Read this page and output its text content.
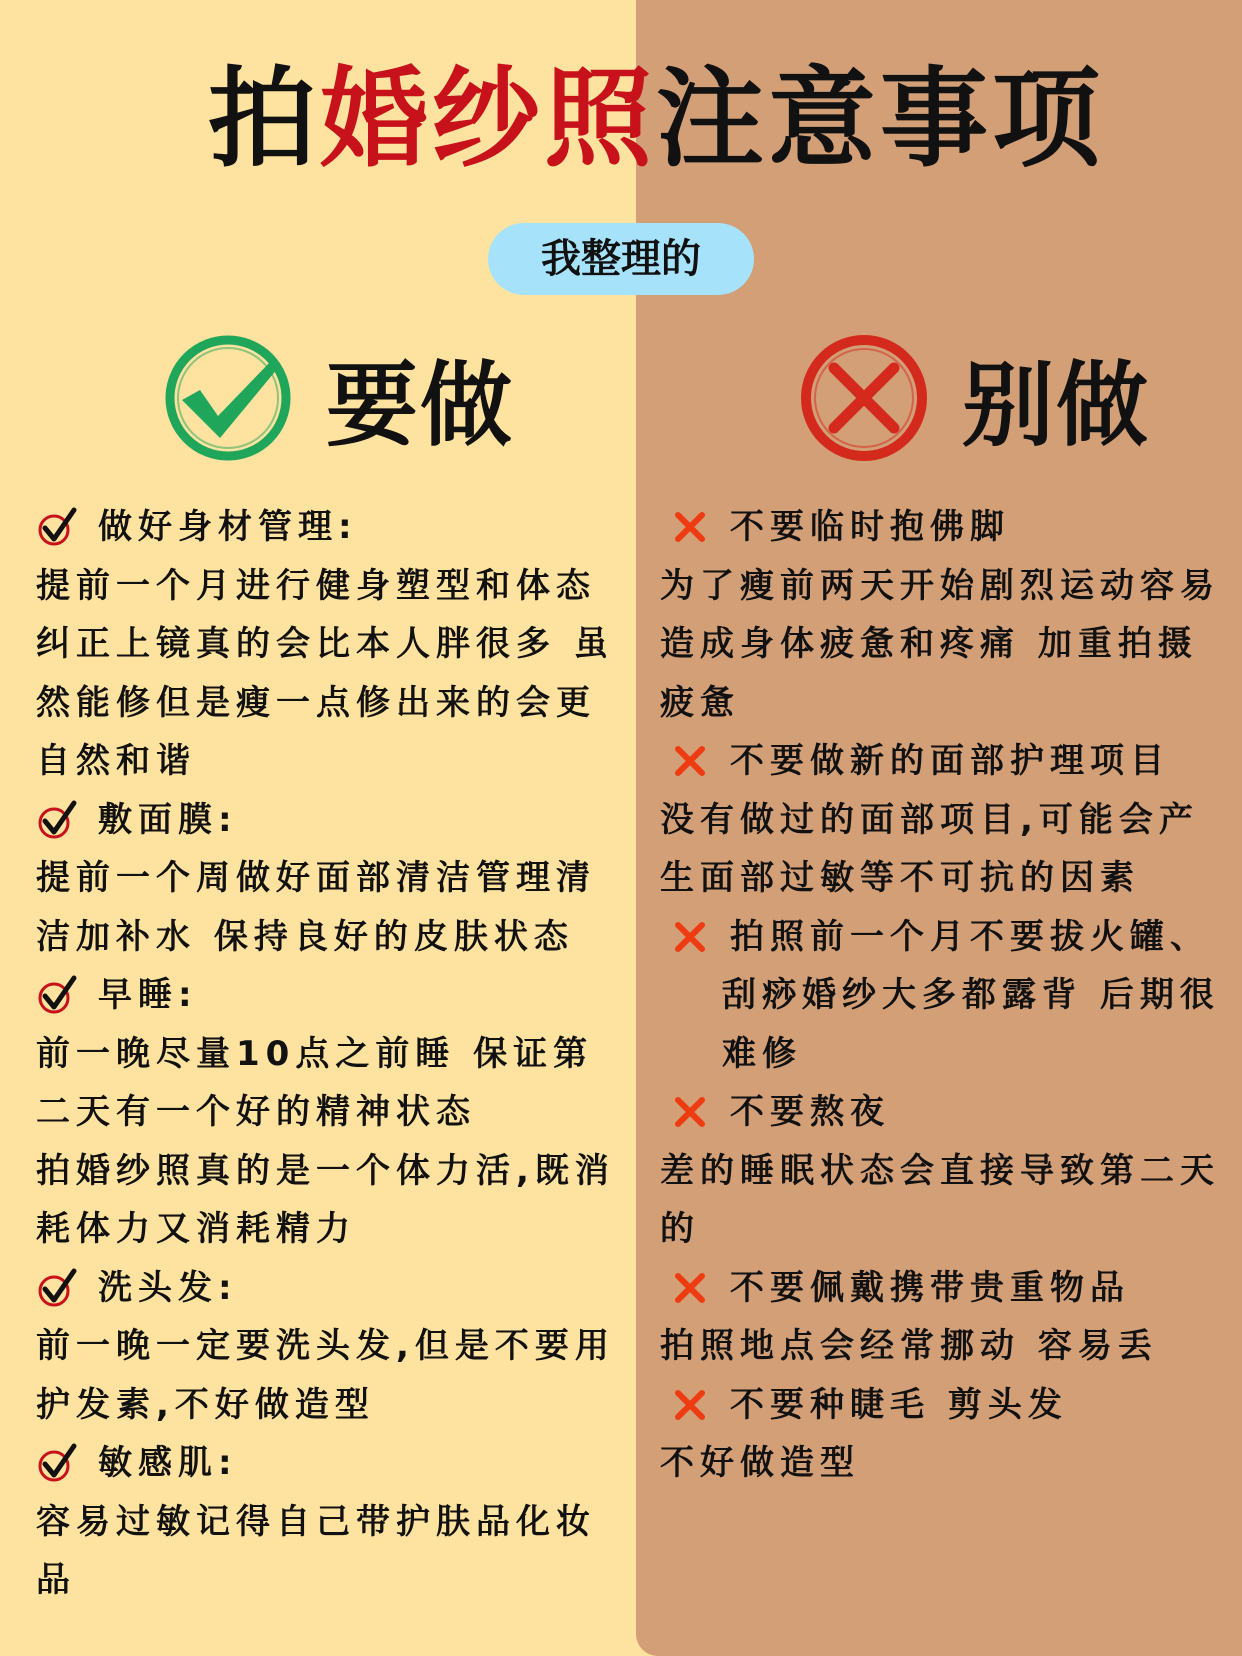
拍婚纱照注意事项
我整理的
要做	别做
做好身材管理:
提前一个月进行健身塑型和体态
纠正上镜真的会比本人胖很多 虽
然能修但是瘦一点修出来的会更
自然和谐
敷面膜:
提前一个周做好面部清洁管理清
洁加补水 保持良好的皮肤状态
早睡:
前一晚尽量10点之前睡 保证第
二天有一个好的精神状态
拍婚纱照真的是一个体力活,既消
耗体力又消耗精力
洗头发:
前一晚一定要洗头发,但是不要用
护发素,不好做造型
敏感肌:
容易过敏记得自己带护肤品化妆
品
不要临时抱佛脚
为了瘦前两天开始剧烈运动容易
造成身体疲惫和疼痛 加重拍摄
疲惫
不要做新的面部护理项目
没有做过的面部项目,可能会产
生面部过敏等不可抗的因素
拍照前一个月不要拔火罐、
刮痧婚纱大多都露背 后期很
难修
不要熬夜
差的睡眠状态会直接导致第二天
的
不要佩戴携带贵重物品
拍照地点会经常挪动 容易丢
不要种睫毛 剪头发
不好做造型
